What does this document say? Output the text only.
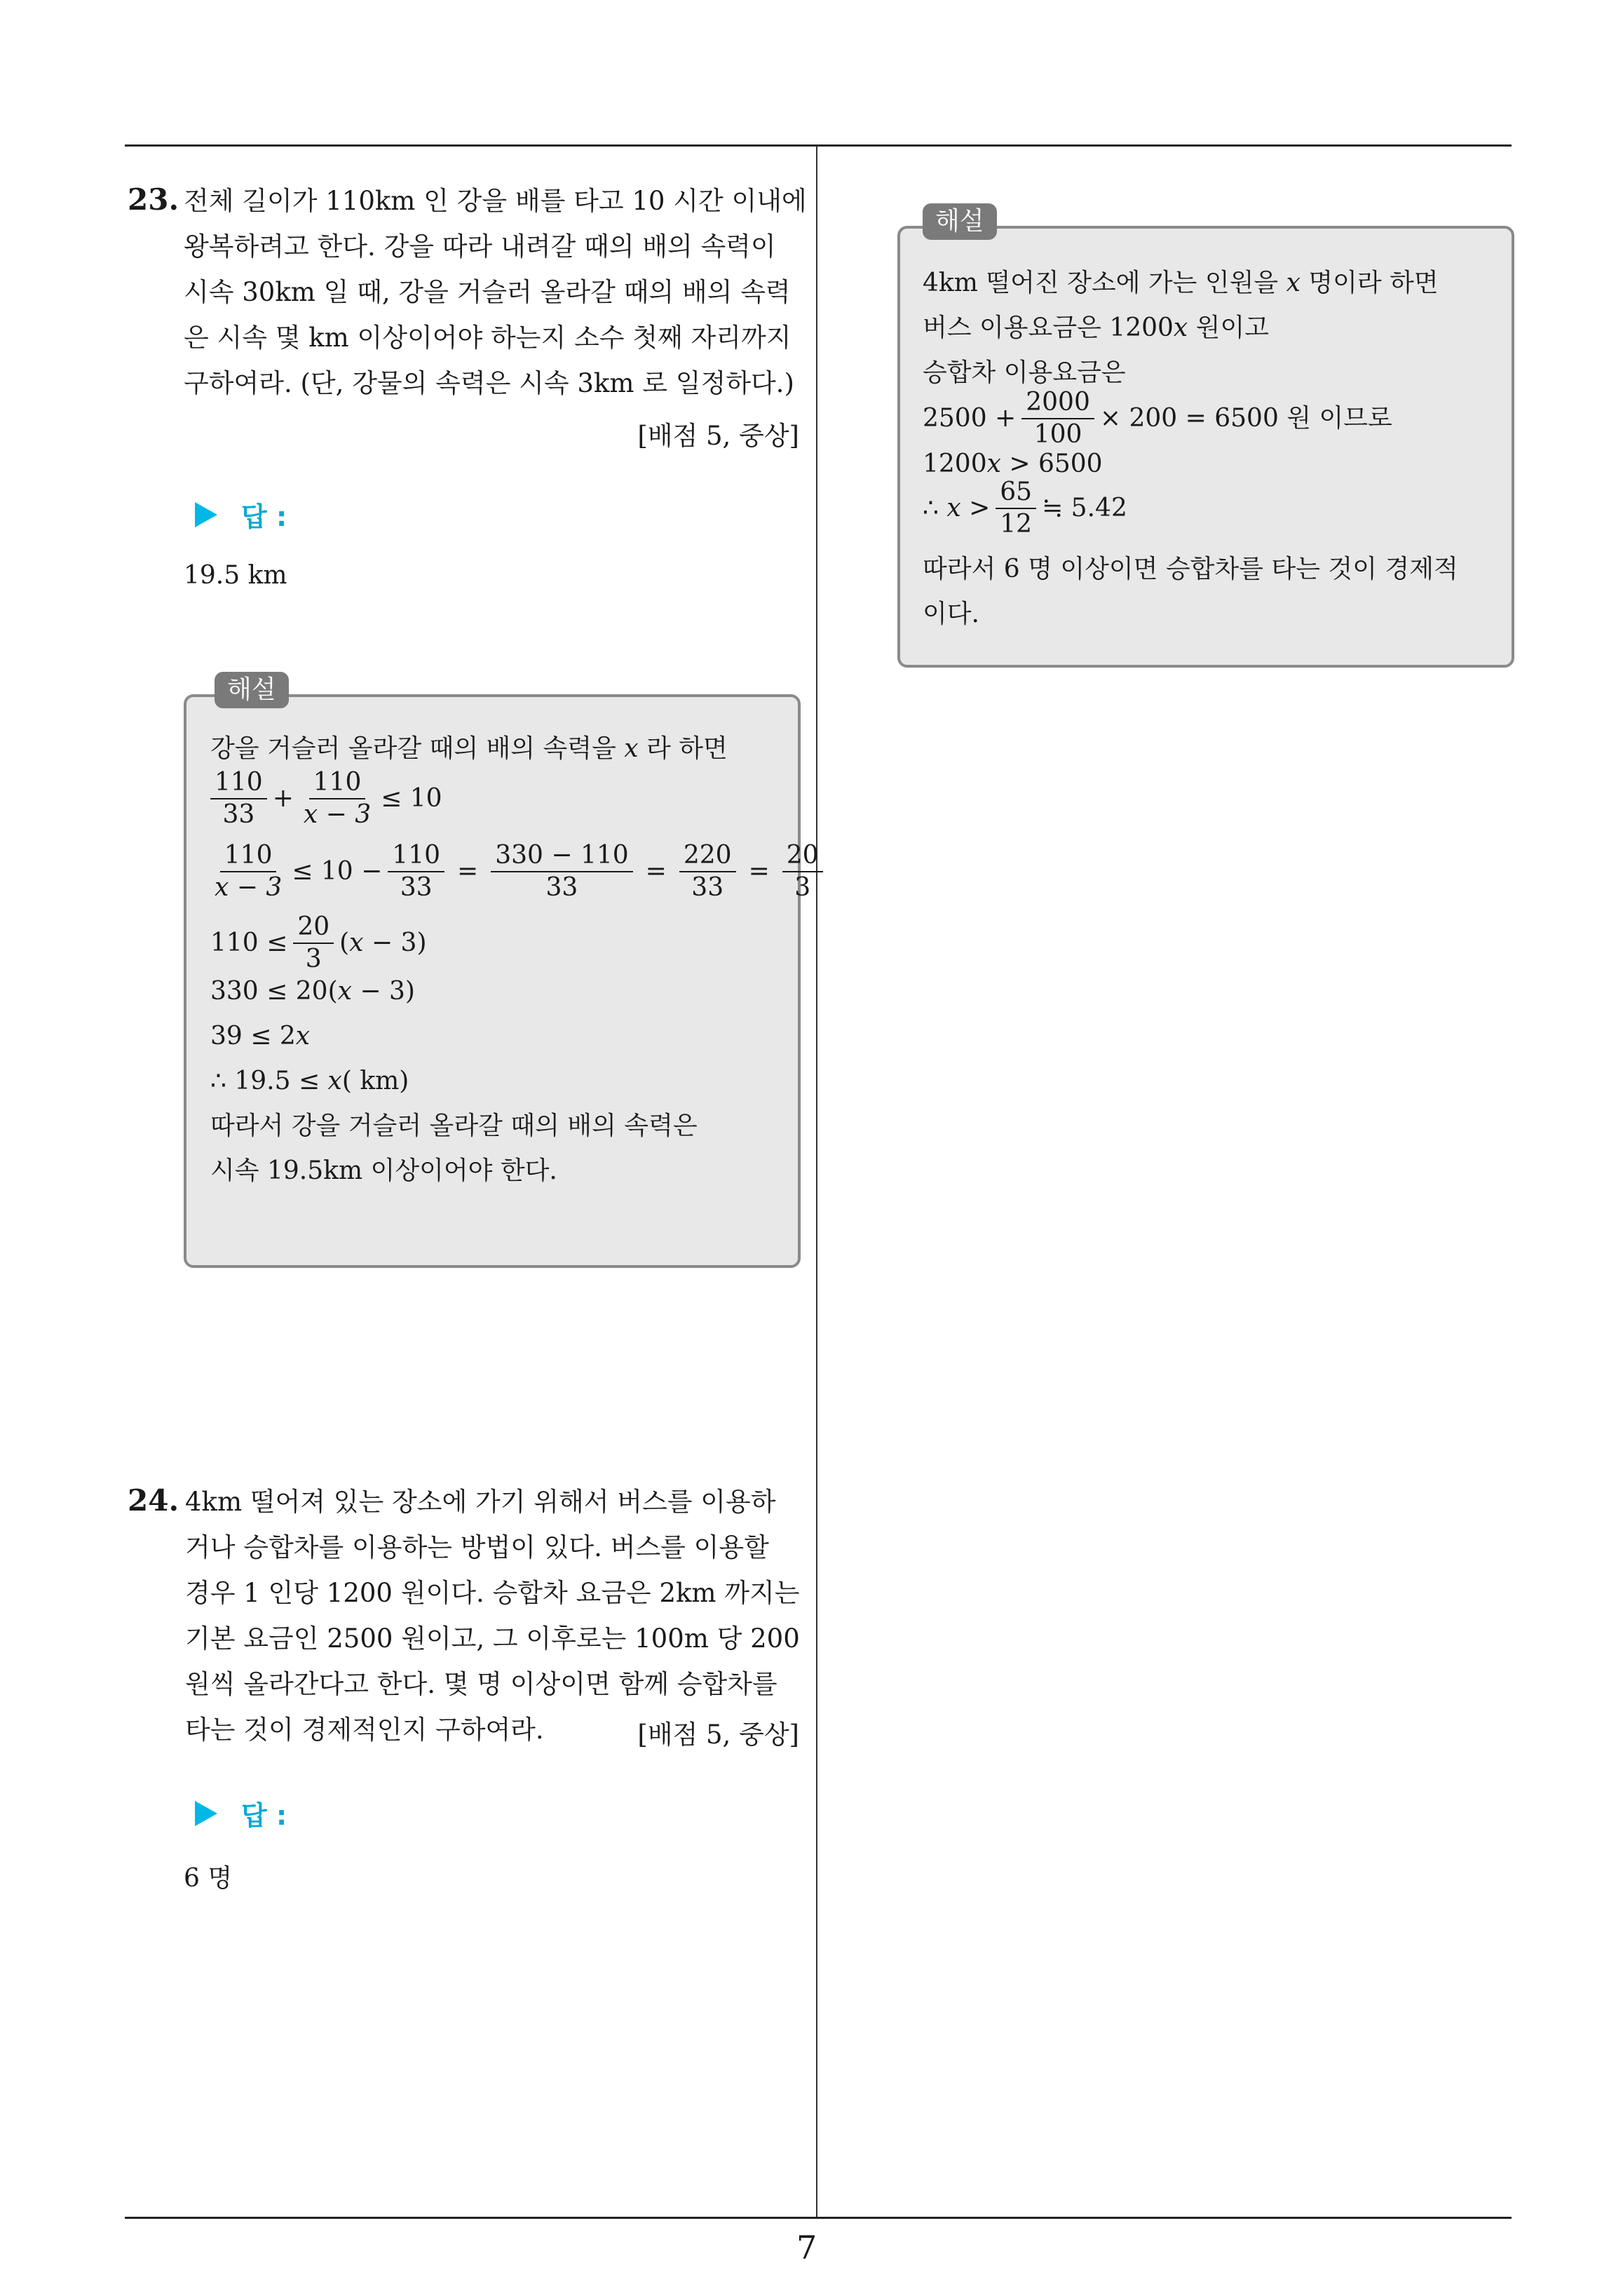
23. 전체 길이가 110km 인 강을 배를 타고 10 시간 이내에
왕복하려고 한다. 강을 따라 내려갈 때의 배의 속력이
시속 30km 일 때, 강을 거슬러 올라갈 때의 배의 속력
은 시속 몇 km 이상이어야 하는지 소수 첫째 자리까지
구하여라. (단, 강물의 속력은 시속 3km 로 일정하다.)
[배점 5, 중상]
답 :
19.5 km
해설
강을 거슬러 올라갈 때의 배의 속력을 𝑥 라 하면
$\frac{110}{33} + \frac{110}{\text{𝑥 − 3}} \le 10$
$\frac{110}{\text{𝑥 − 3}} \le 10 - \frac{110}{33} = \frac{330 - 110}{33} = \frac{220}{33} = \frac{20}{3}$
$110 \le \frac{20}{3}$ (𝑥 − 3)
330 ≤ 20(𝑥 − 3)
39 ≤ 2𝑥
∴ 19.5 ≤ 𝑥( km)
따라서 강을 거슬러 올라갈 때의 배의 속력은
시속 19.5km 이상이어야 한다.
24. 4km 떨어져 있는 장소에 가기 위해서 버스를 이용하
거나 승합차를 이용하는 방법이 있다. 버스를 이용할
경우 1 인당 1200 원이다. 승합차 요금은 2km 까지는
기본 요금인 2500 원이고, 그 이후로는 100m 당 200
원씩 올라간다고 한다. 몇 명 이상이면 함께 승합차를
타는 것이 경제적인지 구하여라.	[배점 5, 중상]
답 :
6 명
해설
4km 떨어진 장소에 가는 인원을 𝑥 명이라 하면
버스 이용요금은 1200𝑥 원이고
승합차 이용요금은
$2500 + \frac{2000}{100} \times 200 = 6500$ 원 이므로
1200𝑥 > 6500
∴ 𝑥 > $\frac{65}{12}$ ≒ 5.42
따라서 6 명 이상이면 승합차를 타는 것이 경제적
이다.
7
